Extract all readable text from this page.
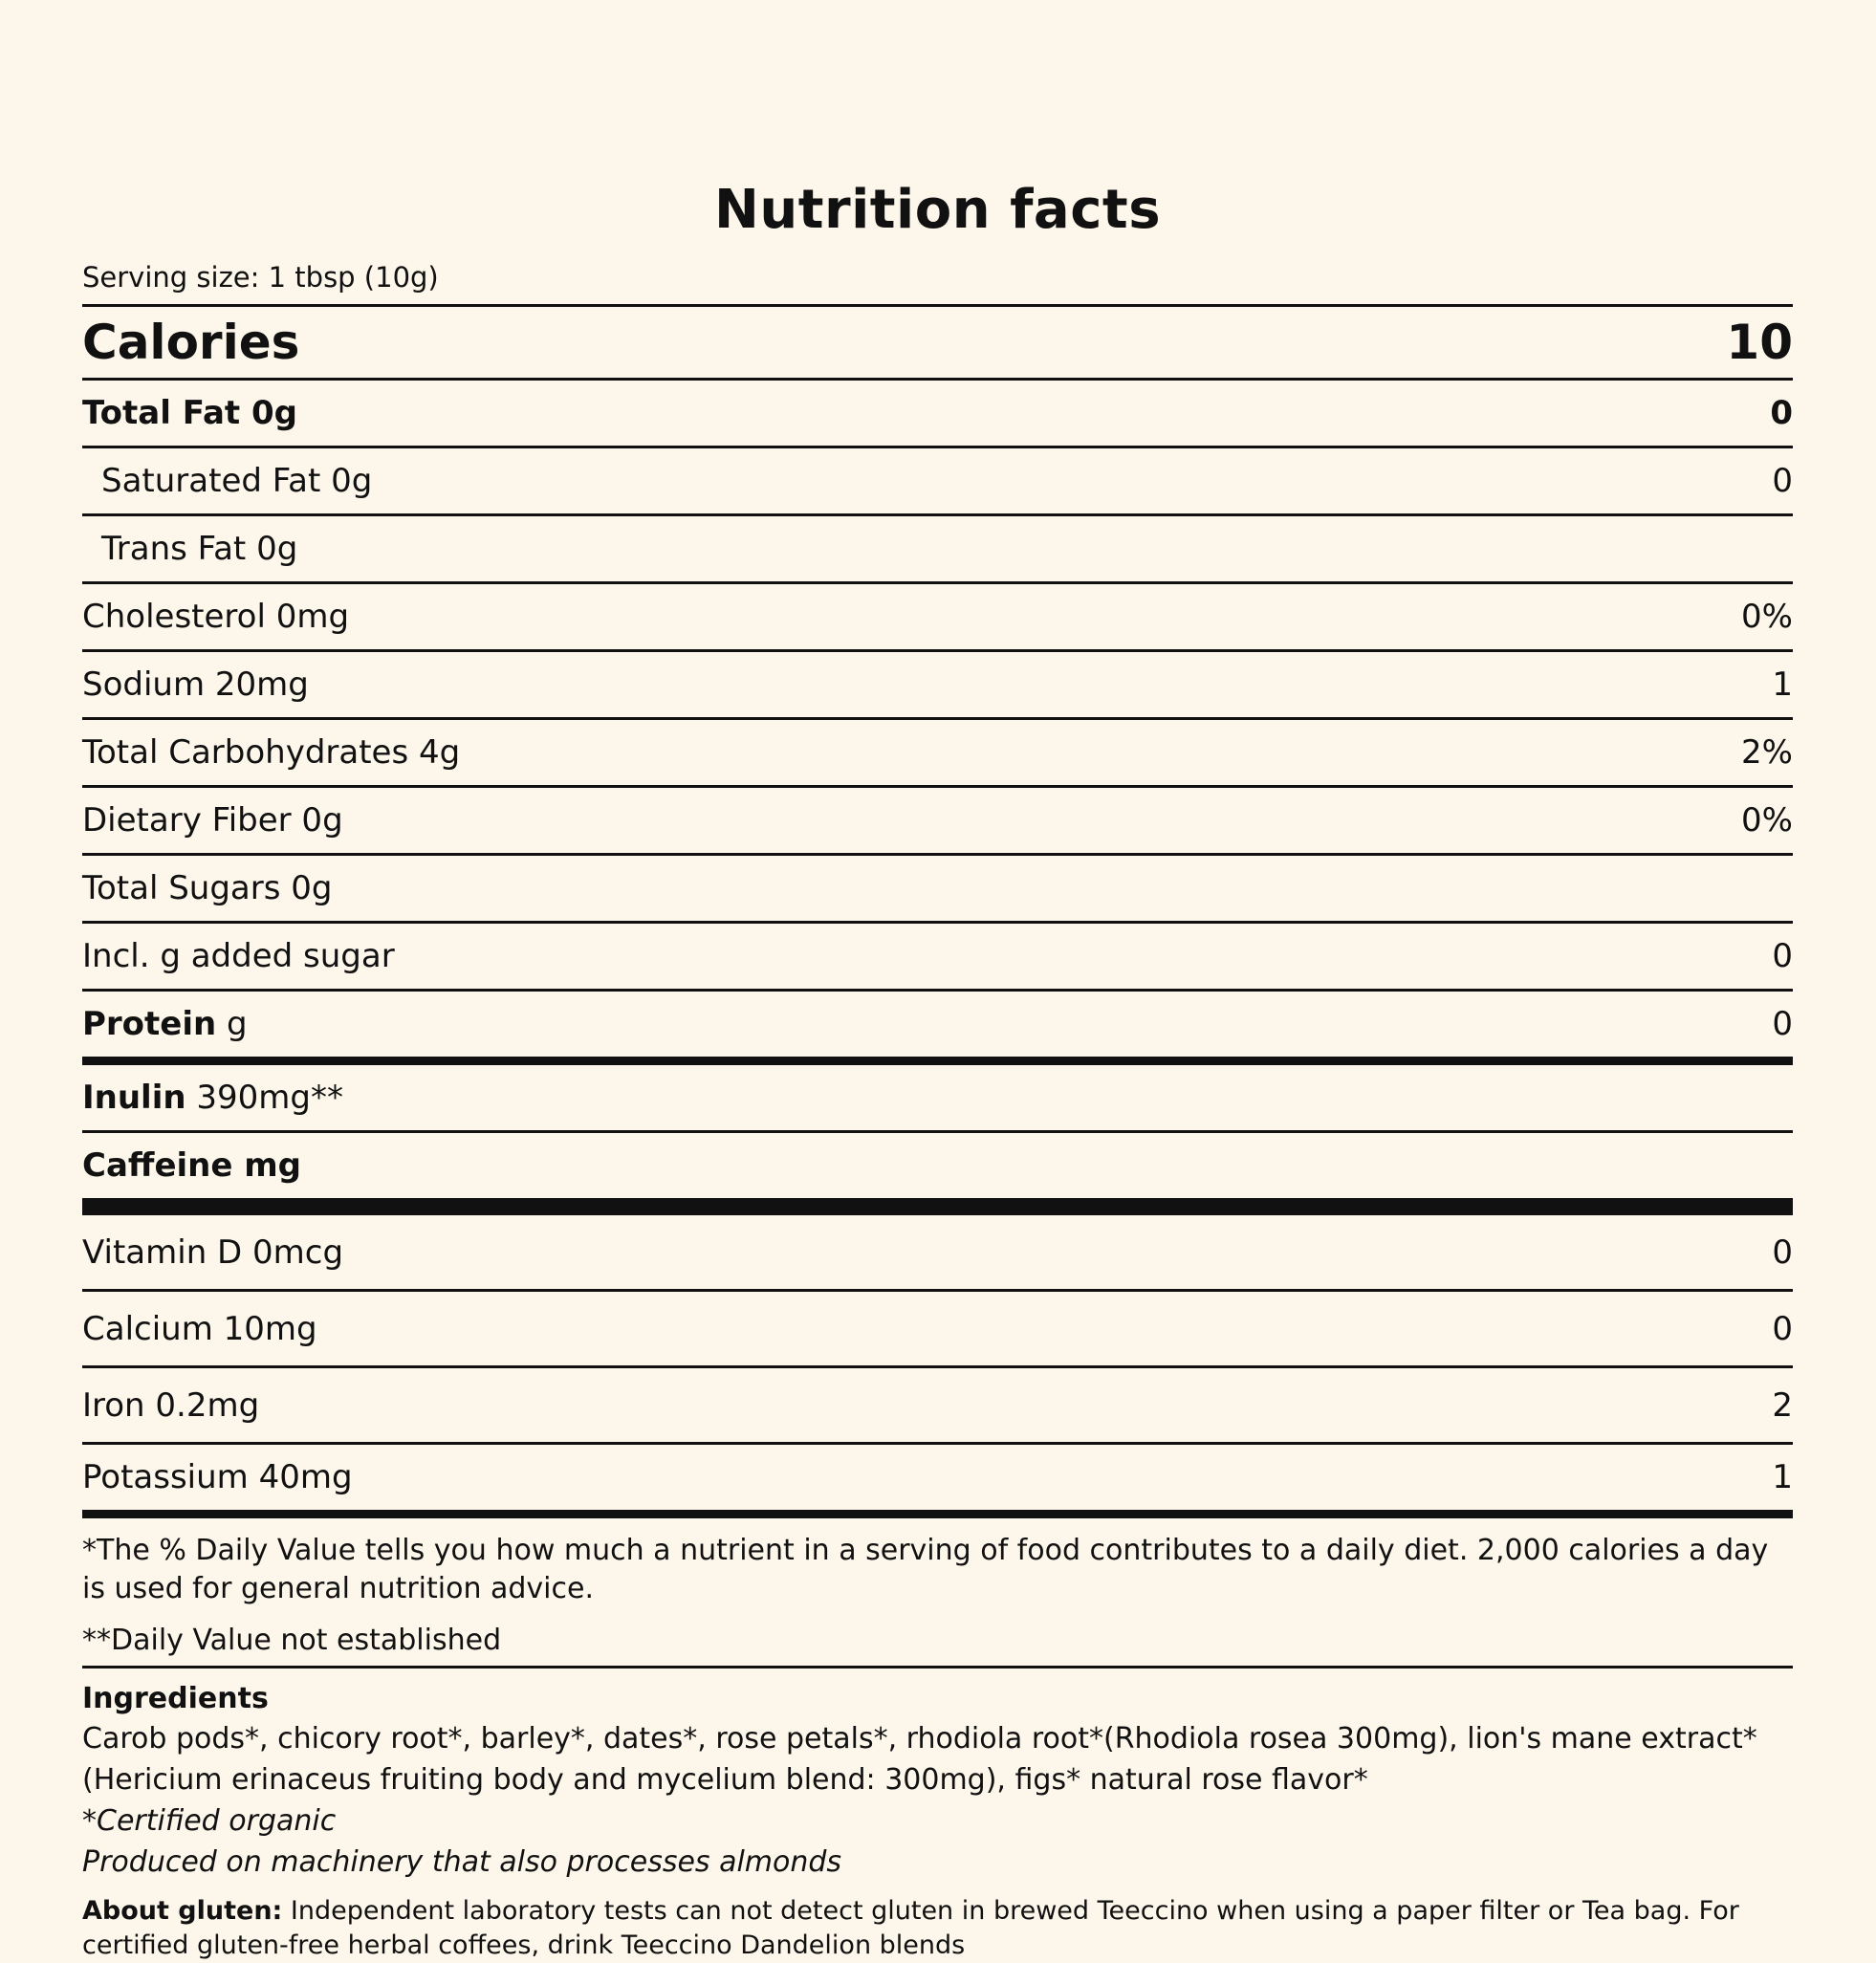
Nutrition facts
Serving size: 1 tbsp (10g)
Calories	10
Total Fat 0g	0
Saturated Fat 0g	0
Trans Fat 0g
Cholesterol 0mg	0%
Sodium 20mg	1
Total Carbohydrates 4g	2%
Dietary Fiber 0g	0%
Total Sugars 0g
Incl. g added sugar	0
Protein g	0
Inulin 390mg**
Caffeine mg
Vitamin D 0mcg	0
Calcium 10mg	0
Iron 0.2mg	2
Potassium 40mg	1
*The % Daily Value tells you how much a nutrient in a serving of food contributes to a daily diet. 2,000 calories a day is used for general nutrition advice.
**Daily Value not established
Ingredients
Carob pods*, chicory root*, barley*, dates*, rose petals*, rhodiola root*(Rhodiola rosea 300mg), lion's mane extract* (Hericium erinaceus fruiting body and mycelium blend: 300mg), figs* natural rose flavor*
*Certified organic
Produced on machinery that also processes almonds
About gluten: Independent laboratory tests can not detect gluten in brewed Teeccino when using a paper filter or Tea bag. For certified gluten-free herbal coffees, drink Teeccino Dandelion blends
